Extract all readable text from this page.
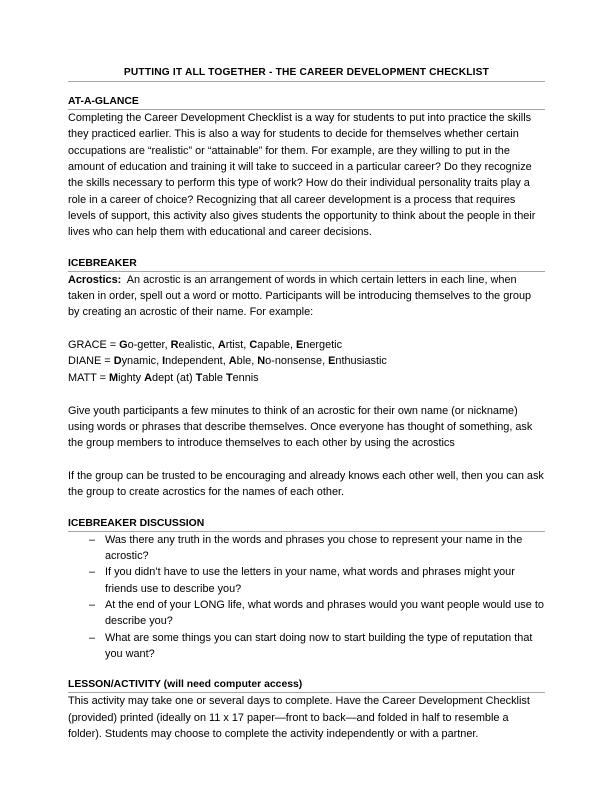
PUTTING IT ALL TOGETHER - THE CAREER DEVELOPMENT CHECKLIST
AT-A-GLANCE

Completing the Career Development Checklist is a way for students to put into practice the skills they practiced earlier. This is also a way for students to decide for themselves whether certain occupations are “realistic” or “attainable” for them. For example, are they willing to put in the amount of education and training it will take to succeed in a particular career? Do they recognize the skills necessary to perform this type of work? How do their individual personality traits play a role in a career of choice? Recognizing that all career development is a process that requires levels of support, this activity also gives students the opportunity to think about the people in their lives who can help them with educational and career decisions.

ICEBREAKER

Acrostics: An acrostic is an arrangement of words in which certain letters in each line, when taken in order, spell out a word or motto. Participants will be introducing themselves to the group by creating an acrostic of their name. For example:

GRACE = Go-getter, Realistic, Artist, Capable, Energetic
DIANE = Dynamic, Independent, Able, No-nonsense, Enthusiastic
MATT = Mighty Adept (at) Table Tennis

Give youth participants a few minutes to think of an acrostic for their own name (or nickname) using words or phrases that describe themselves. Once everyone has thought of something, ask the group members to introduce themselves to each other by using the acrostics

If the group can be trusted to be encouraging and already knows each other well, then you can ask the group to create acrostics for the names of each other.

ICEBREAKER DISCUSSION
– Was there any truth in the words and phrases you chose to represent your name in the acrostic?
– If you didn’t have to use the letters in your name, what words and phrases might your friends use to describe you?
– At the end of your LONG life, what words and phrases would you want people would use to describe you?
– What are some things you can start doing now to start building the type of reputation that you want?
LESSON/ACTIVITY (will need computer access)

This activity may take one or several days to complete. Have the Career Development Checklist (provided) printed (ideally on 11 x 17 paper—front to back—and folded in half to resemble a folder). Students may choose to complete the activity independently or with a partner.
